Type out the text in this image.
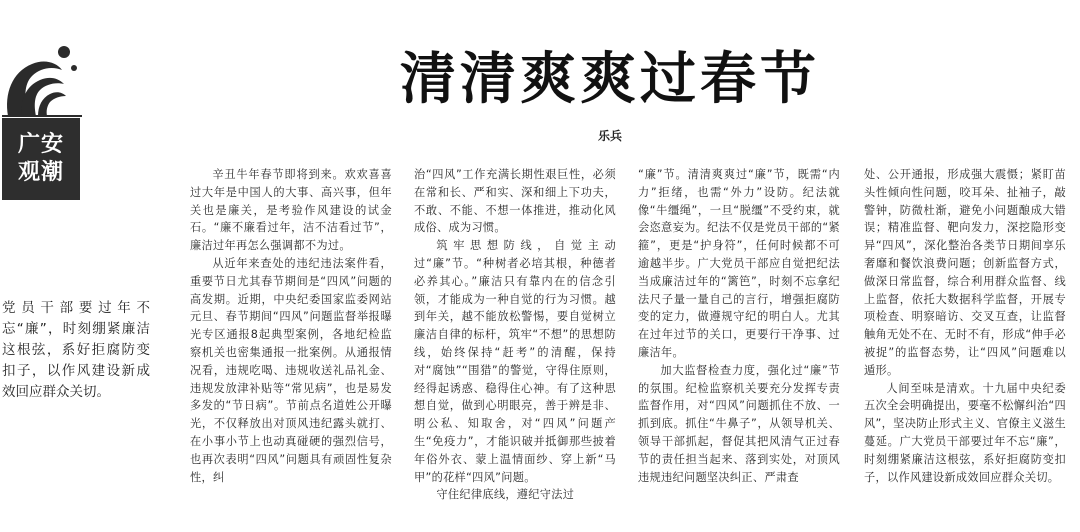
广安
观潮
党员干部要过年不忘“廉”，时刻绷紧廉洁这根弦，系好拒腐防变扣子，以作风建设新成效回应群众关切。
清清爽爽过春节
乐兵

辛丑牛年春节即将到来。欢欢喜喜过大年是中国人的大事、高兴事，但年关也是廉关，是考验作风建设的试金石。“廉不廉看过年，洁不洁看过节”，廉洁过年再怎么强调都不为过。

从近年来查处的违纪违法案件看，重要节日尤其春节期间是“四风”问题的高发期。近期，中央纪委国家监委网站元旦、春节期间“四风”问题监督举报曝光专区通报8起典型案例，各地纪检监察机关也密集通报一批案例。从通报情况看，违规吃喝、违规收送礼品礼金、违规发放津补贴等“常见病”，也是易发多发的“节日病”。节前点名道姓公开曝光，不仅释放出对顶风违纪露头就打、在小事小节上也动真碰硬的强烈信号，也再次表明“四风”问题具有顽固性复杂性，纠

治“四风”工作充满长期性艰巨性，必须在常和长、严和实、深和细上下功夫，不敢、不能、不想一体推进，推动化风成俗、成为习惯。

筑牢思想防线，自觉主动过“廉”节。“种树者必培其根，种德者必养其心。”廉洁只有靠内在的信念引领，才能成为一种自觉的行为习惯。越到年关，越不能放松警惕，要自觉树立廉洁自律的标杆，筑牢“不想”的思想防线，始终保持“赶考”的清醒，保持对“腐蚀”“围猎”的警觉，守得住原则，经得起诱惑、稳得住心神。有了这种思想自觉，做到心明眼亮，善于辨是非、明公私、知取舍，对“四风”问题产生“免疫力”，才能识破并抵御那些披着年俗外衣、蒙上温情面纱、穿上新“马甲”的花样“四风”问题。

守住纪律底线，遵纪守法过

“廉”节。清清爽爽过“廉”节，既需“内力”拒绪，也需“外力”设防。纪法就像“牛缰绳”，一旦“脱缰”不受约束，就会恣意妄为。纪法不仅是党员干部的“紧箍”，更是“护身符”，任何时候都不可逾越半步。广大党员干部应自觉把纪法当成廉洁过年的“篱笆”，时刻不忘拿纪法尺子量一量自己的言行，增强拒腐防变的定力，做遵规守纪的明白人。尤其在过年过节的关口，更要行干净事、过廉洁年。

加大监督检查力度，强化过“廉”节的氛围。纪检监察机关要充分发挥专责监督作用，对“四风”问题抓住不放、一抓到底。抓住“牛鼻子”，从领导机关、领导干部抓起，督促其把风清气正过春节的责任担当起来、落到实处，对顶风违规违纪问题坚决纠正、严肃查

处、公开通报，形成强大震慑；紧盯苗头性倾向性问题，咬耳朵、扯袖子，敲警钟，防微杜渐，避免小问题酿成大错误；精准监督、靶向发力，深挖隐形变异“四风”，深化整治各类节日期间享乐奢靡和餐饮浪费问题；创新监督方式，做深日常监督，综合利用群众监督、线上监督，依托大数据科学监督，开展专项检查、明察暗访、交叉互查，让监督触角无处不在、无时不有，形成“伸手必被捉”的监督态势，让“四风”问题难以遁形。

人间至味是清欢。十九届中央纪委五次全会明确提出，要毫不松懈纠治“四风”，坚决防止形式主义、官僚主义滋生蔓延。广大党员干部要过年不忘“廉”，时刻绷紧廉洁这根弦，系好拒腐防变扣子，以作风建设新成效回应群众关切。
